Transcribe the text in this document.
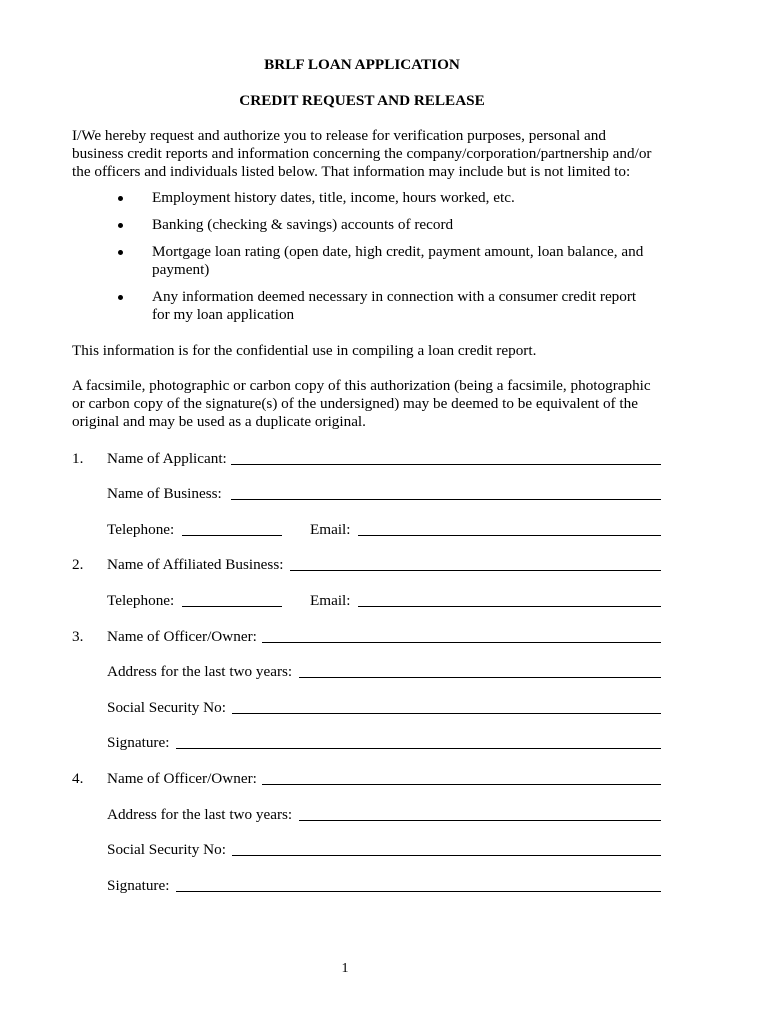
BRLF LOAN APPLICATION
CREDIT REQUEST AND RELEASE

I/We hereby request and authorize you to release for verification purposes, personal and
business credit reports and information concerning the company/corporation/partnership and/or
the officers and individuals listed below. That information may include but is not limited to:

Employment history dates, title, income, hours worked, etc.
Banking (checking & savings) accounts of record
Mortgage loan rating (open date, high credit, payment amount, loan balance, and
payment)
Any information deemed necessary in connection with a consumer credit report
for my loan application

This information is for the confidential use in compiling a loan credit report.

A facsimile, photographic or carbon copy of this authorization (being a facsimile, photographic
or carbon copy of the signature(s) of the undersigned) may be deemed to be equivalent of the
original and may be used as a duplicate original.

1. Name of Applicant:
Name of Business:
Telephone:	Email:
2. Name of Affiliated Business:
Telephone:	Email:
3. Name of Officer/Owner:
Address for the last two years:
Social Security No:
Signature:
4. Name of Officer/Owner:
Address for the last two years:
Social Security No:
Signature:
1
